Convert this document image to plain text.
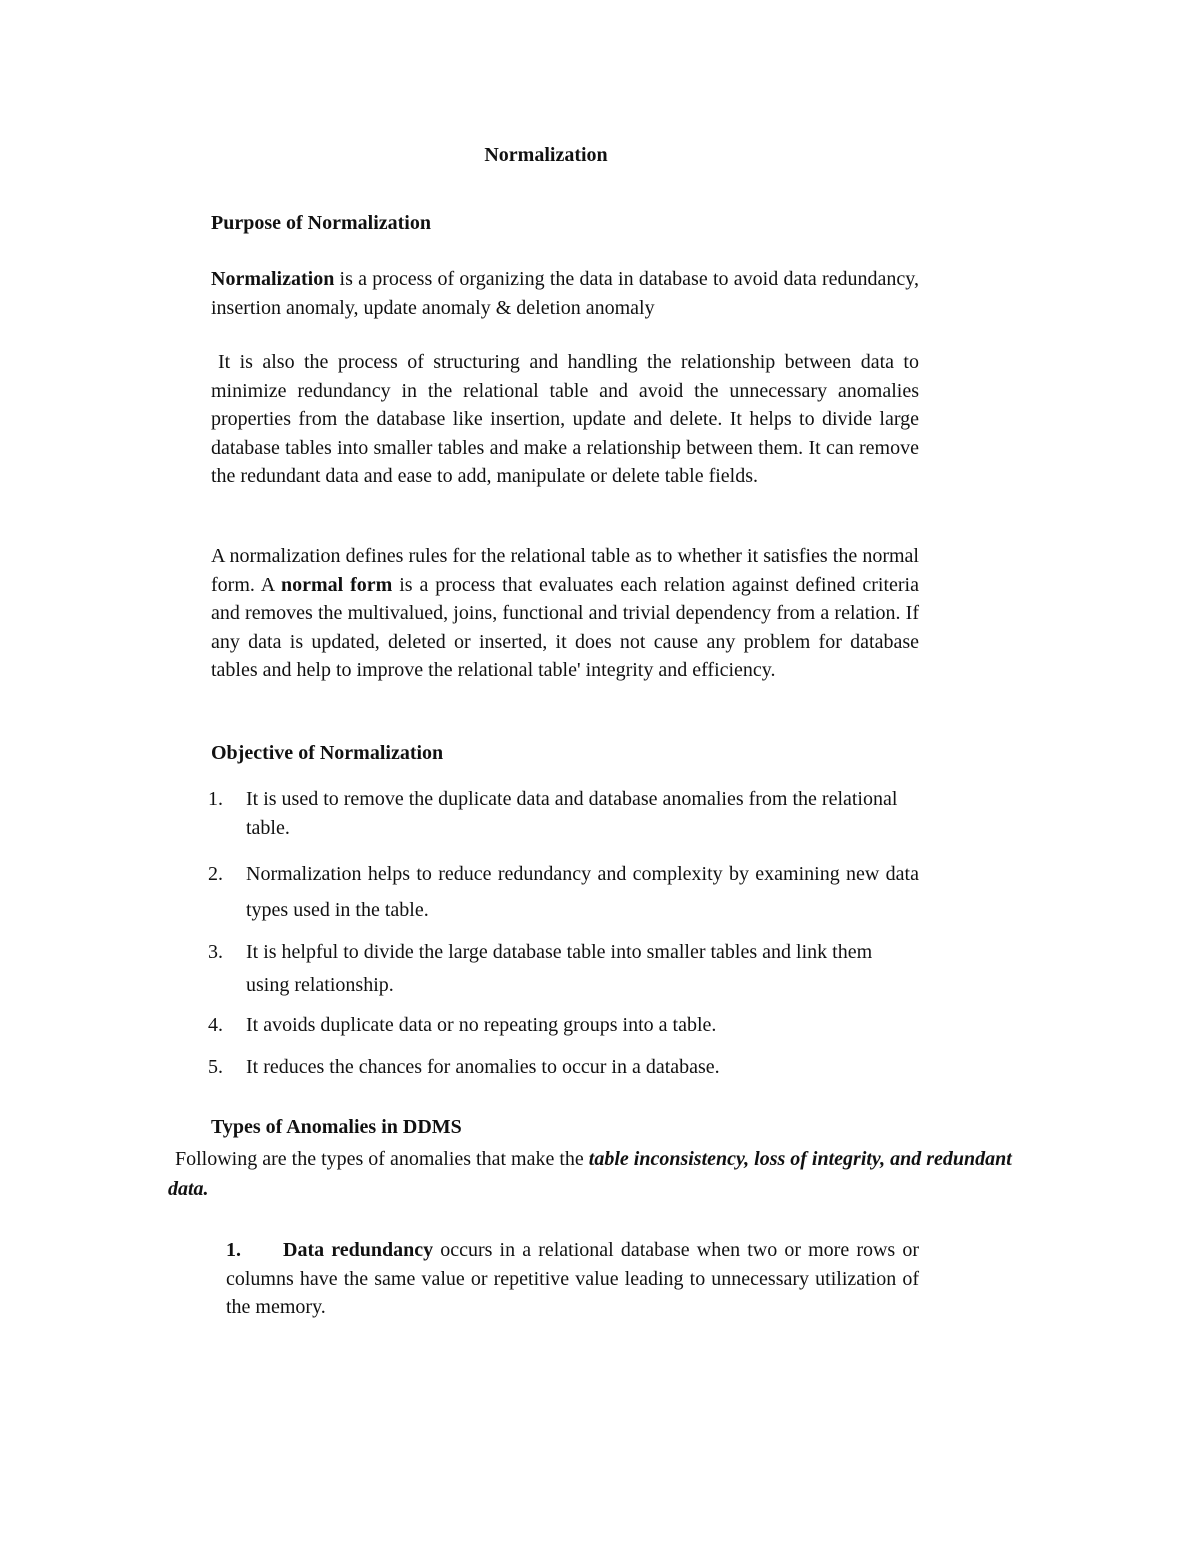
Normalization
Purpose of Normalization

Normalization is a process of organizing the data in database to avoid data redundancy, insertion anomaly, update anomaly & deletion anomaly

It is also the process of structuring and handling the relationship between data to minimize redundancy in the relational table and avoid the unnecessary anomalies properties from the database like insertion, update and delete. It helps to divide large database tables into smaller tables and make a relationship between them. It can remove the redundant data and ease to add, manipulate or delete table fields.

A normalization defines rules for the relational table as to whether it satisfies the normal form. A normal form is a process that evaluates each relation against defined criteria and removes the multivalued, joins, functional and trivial dependency from a relation. If any data is updated, deleted or inserted, it does not cause any problem for database tables and help to improve the relational table' integrity and efficiency.

Objective of Normalization
1. It is used to remove the duplicate data and database anomalies from the relational table.
2. Normalization helps to reduce redundancy and complexity by examining new data types used in the table.
3. It is helpful to divide the large database table into smaller tables and link them using relationship.
4. It avoids duplicate data or no repeating groups into a table.
5. It reduces the chances for anomalies to occur in a database.
Types of Anomalies in DDMS

Following are the types of anomalies that make the table inconsistency, loss of integrity, and redundant data.

1. Data redundancy occurs in a relational database when two or more rows or columns have the same value or repetitive value leading to unnecessary utilization of the memory.
